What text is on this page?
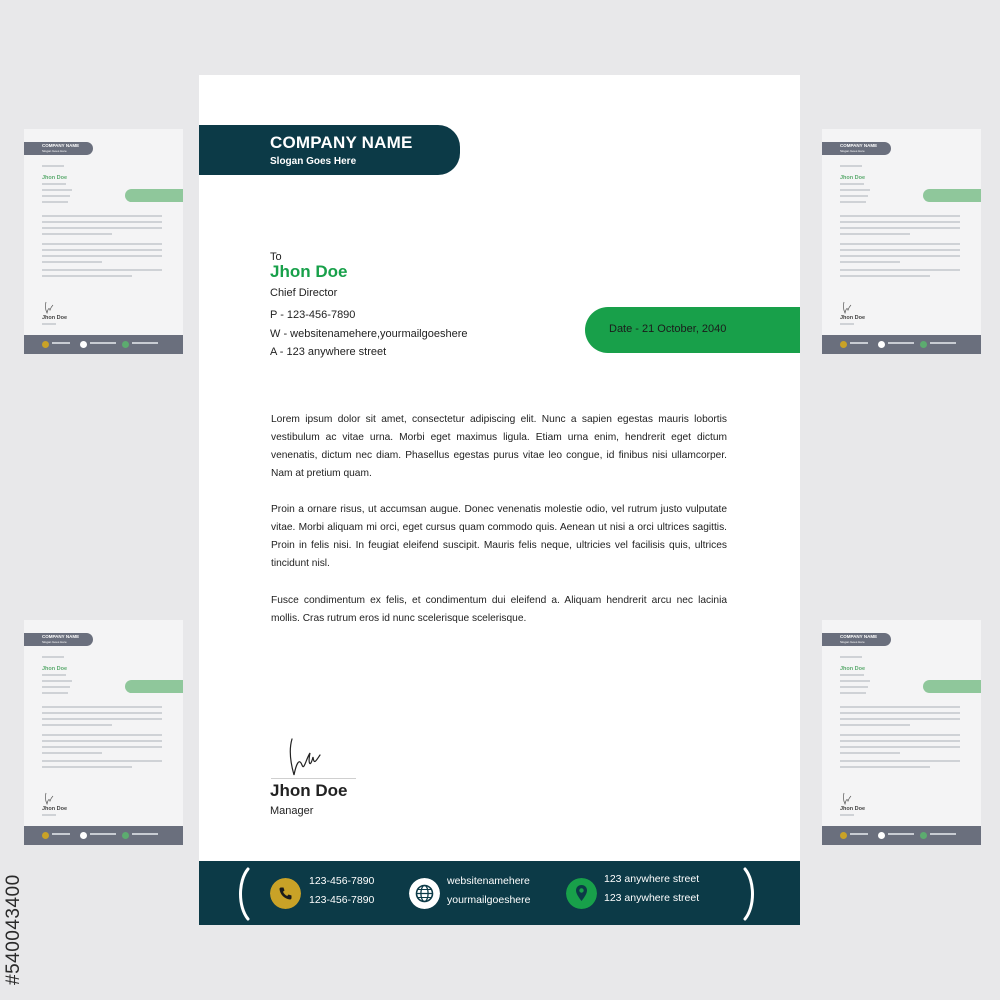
COMPANY NAME
Slogan Goes Here
To
Jhon Doe
Chief Director
P - 123-456-7890
W - websitenamehere,yourmailgoeshere
A - 123 anywhere street
Date - 21 October, 2040

Lorem ipsum dolor sit amet, consectetur adipiscing elit. Nunc a sapien egestas mauris lobortis vestibulum ac vitae urna. Morbi eget maximus ligula. Etiam urna enim, hendrerit eget dictum venenatis, dictum nec diam. Phasellus egestas purus vitae leo congue, id finibus nisi ullamcorper. Nam at pretium quam.

Proin a ornare risus, ut accumsan augue. Donec venenatis molestie odio, vel rutrum justo vulputate vitae. Morbi aliquam mi orci, eget cursus quam commodo quis. Aenean ut nisi a orci ultrices sagittis. Proin in felis nisi. In feugiat eleifend suscipit. Mauris felis neque, ultricies vel facilisis quis, ultrices tincidunt nisl.

Fusce condimentum ex felis, et condimentum dui eleifend a. Aliquam hendrerit arcu nec lacinia mollis. Cras rutrum eros id nunc scelerisque scelerisque.

Jhon Doe
Manager
123-456-7890
123-456-7890
websitenamehere
yourmailgoeshere
123 anywhere street
123 anywhere street
COMPANY NAME
Slogan Goes Here
Jhon Doe
Jhon Doe
COMPANY NAME
Slogan Goes Here
Jhon Doe
Jhon Doe
COMPANY NAME
Slogan Goes Here
Jhon Doe
Jhon Doe
COMPANY NAME
Slogan Goes Here
Jhon Doe
Jhon Doe
#540043400
